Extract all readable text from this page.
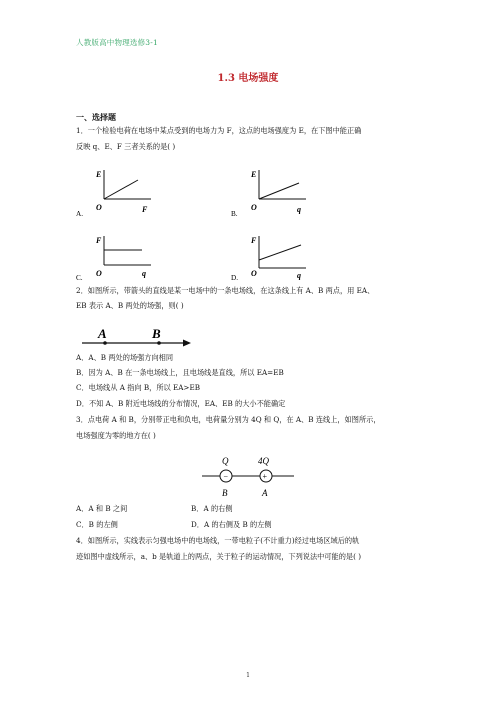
人教版高中物理选修3-1
1.3 电场强度
一、选择题
1．一个检验电荷在电场中某点受到的电场力为 F，这点的电场强度为 E，在下图中能正确
反映 q、E、F 三者关系的是( )
A.
E
O	F	B.
E
O	q
C.
F
O	q	D.
F
O	q
2．如图所示，带箭头的直线是某一电场中的一条电场线，在这条线上有 A、B 两点，用 EA、
EB 表示 A、B 两处的场强，则( )
A	B
A．A、B 两处的场强方向相同
B．因为 A、B 在一条电场线上，且电场线是直线，所以 EA=EB
C．电场线从 A 指向 B，所以 EA>EB
D．不知 A、B 附近电场线的分布情况，EA、EB 的大小不能确定
3．点电荷 A 和 B，分别带正电和负电，电荷量分别为 4Q 和 Q，在 A、B 连线上，如图所示，
电场强度为零的地方在( )
Q	4Q
−	+
B	A
A．A 和 B 之间	B．A 的右侧
C．B 的左侧	D．A 的右侧及 B 的左侧
4．如图所示，实线表示匀强电场中的电场线，一带电粒子(不计重力)经过电场区域后的轨
迹如图中虚线所示，a、b 是轨道上的两点，关于粒子的运动情况，下列说法中可能的是( )
1
